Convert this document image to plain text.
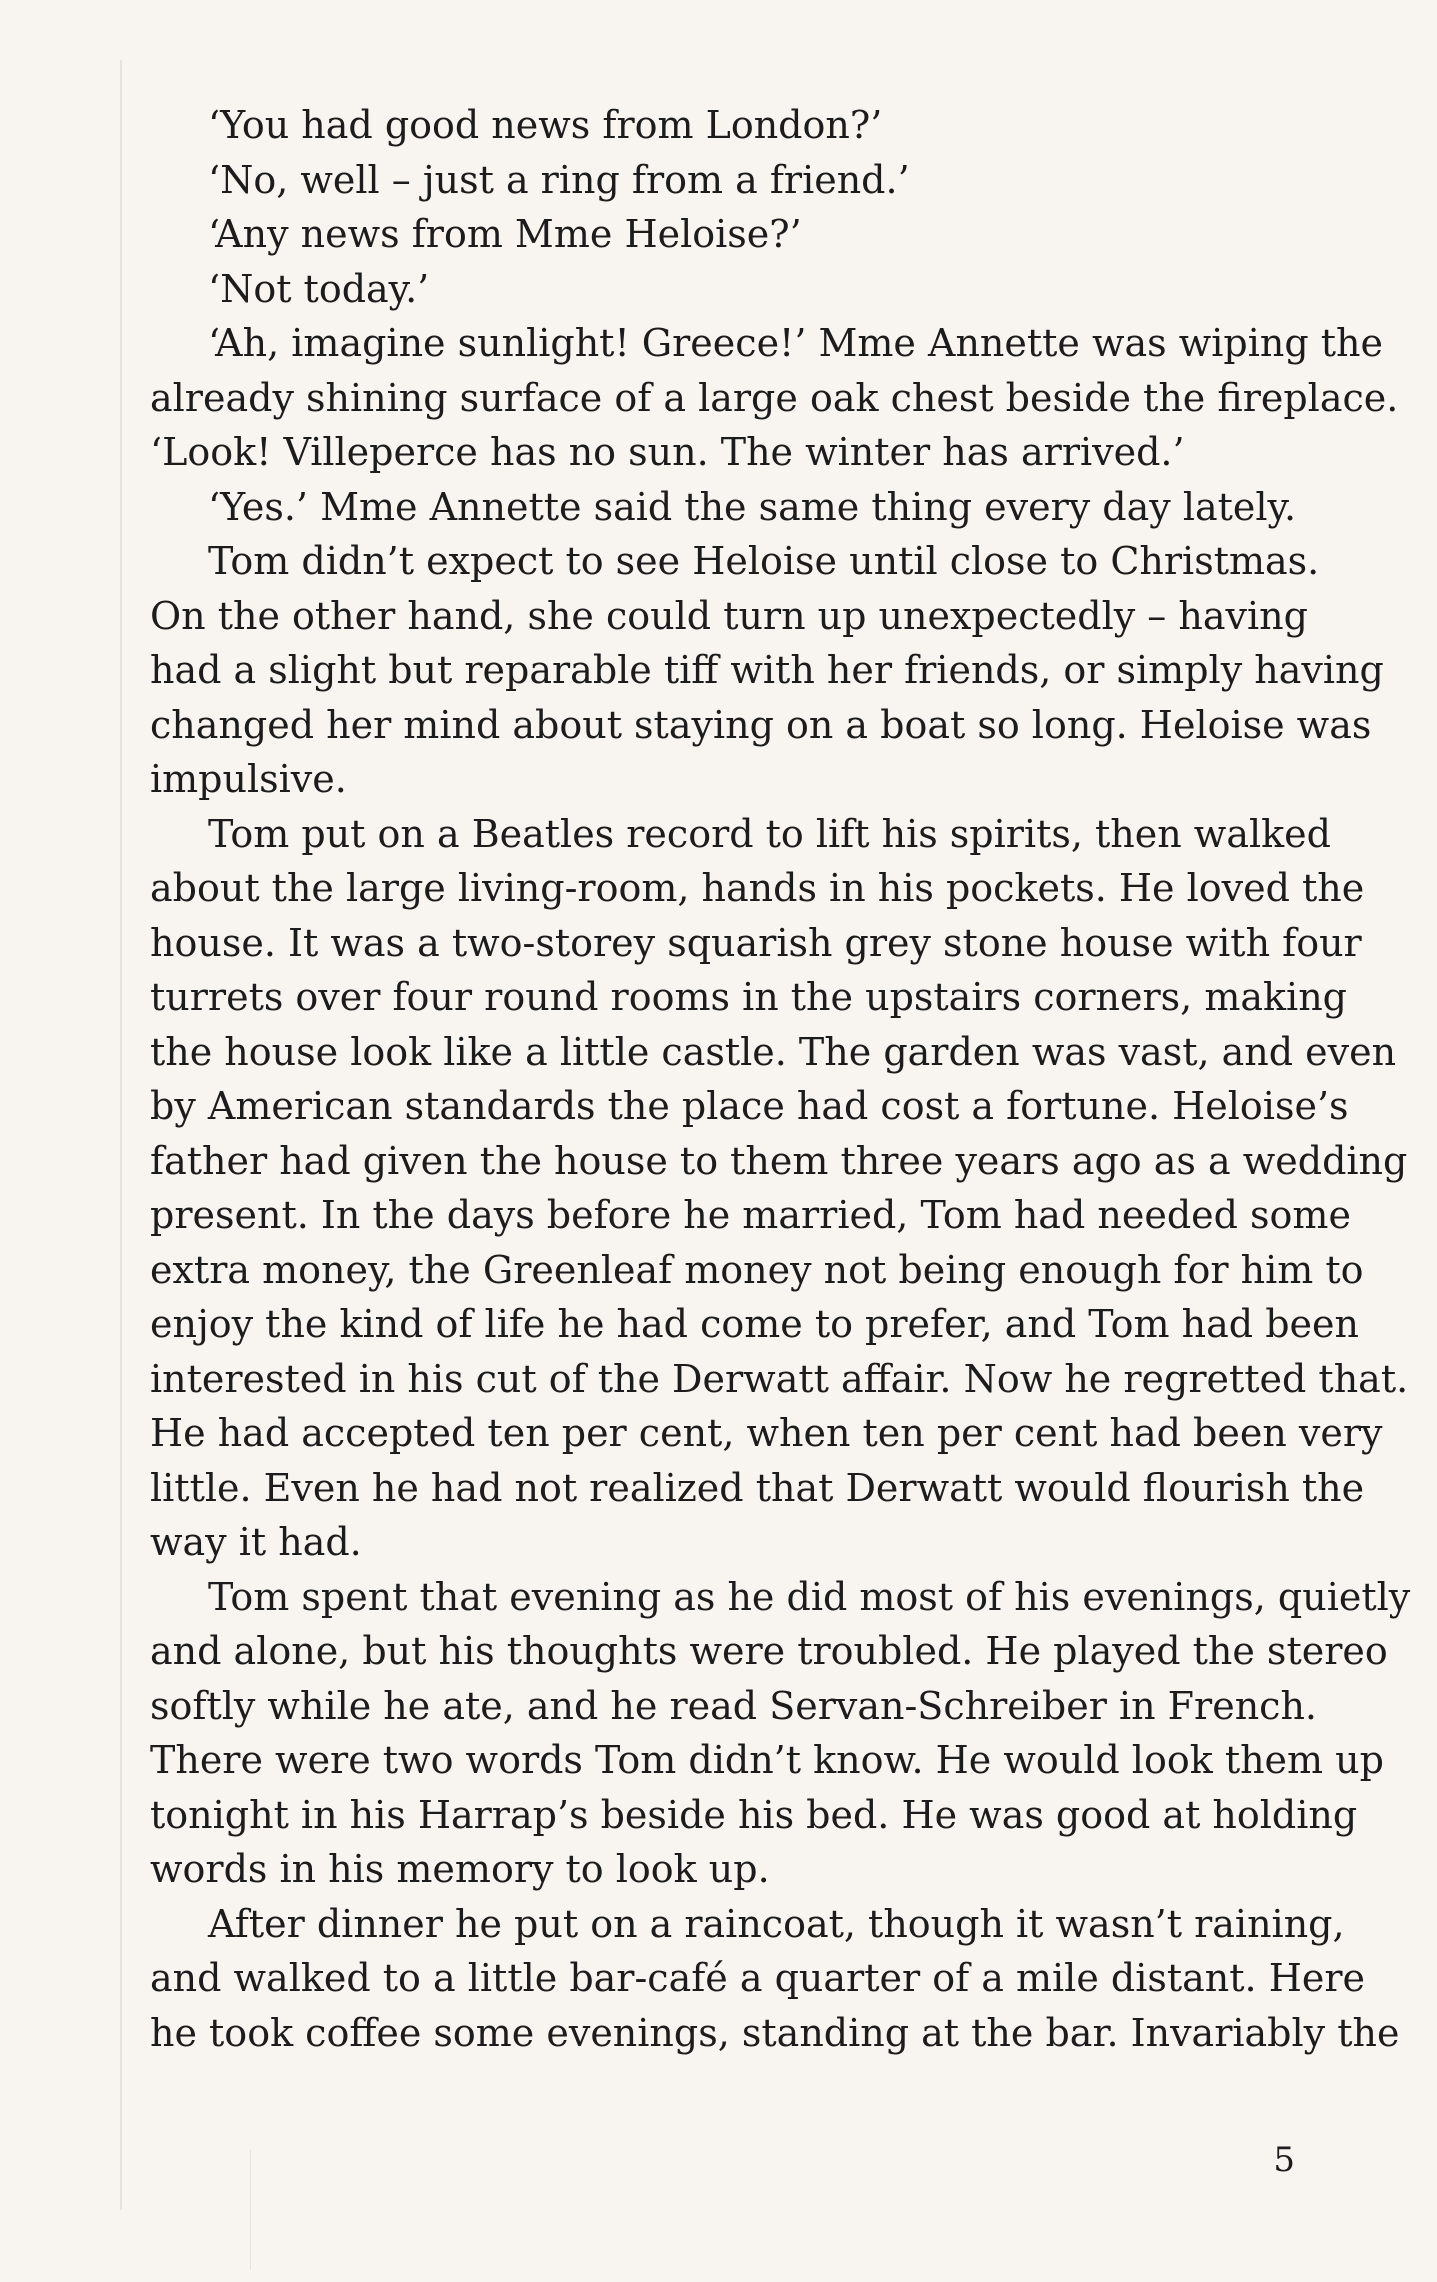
‘You had good news from London?’
‘No, well – just a ring from a friend.’
‘Any news from Mme Heloise?’
‘Not today.’
‘Ah, imagine sunlight! Greece!’ Mme Annette was wiping the
already shining surface of a large oak chest beside the fireplace.
‘Look! Villeperce has no sun. The winter has arrived.’
‘Yes.’ Mme Annette said the same thing every day lately.
Tom didn’t expect to see Heloise until close to Christmas.
On the other hand, she could turn up unexpectedly – having
had a slight but reparable tiff with her friends, or simply having
changed her mind about staying on a boat so long. Heloise was
impulsive.
Tom put on a Beatles record to lift his spirits, then walked
about the large living-room, hands in his pockets. He loved the
house. It was a two-storey squarish grey stone house with four
turrets over four round rooms in the upstairs corners, making
the house look like a little castle. The garden was vast, and even
by American standards the place had cost a fortune. Heloise’s
father had given the house to them three years ago as a wedding
present. In the days before he married, Tom had needed some
extra money, the Greenleaf money not being enough for him to
enjoy the kind of life he had come to prefer, and Tom had been
interested in his cut of the Derwatt affair. Now he regretted that.
He had accepted ten per cent, when ten per cent had been very
little. Even he had not realized that Derwatt would flourish the
way it had.
Tom spent that evening as he did most of his evenings, quietly
and alone, but his thoughts were troubled. He played the stereo
softly while he ate, and he read Servan-Schreiber in French.
There were two words Tom didn’t know. He would look them up
tonight in his Harrap’s beside his bed. He was good at holding
words in his memory to look up.
After dinner he put on a raincoat, though it wasn’t raining,
and walked to a little bar-café a quarter of a mile distant. Here
he took coffee some evenings, standing at the bar. Invariably the
5
